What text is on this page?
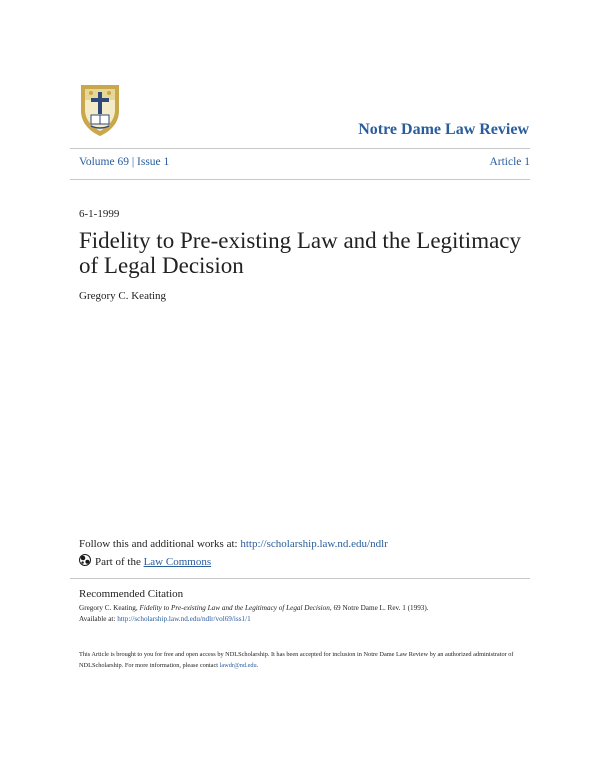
Notre Dame Law Review
Volume 69 | Issue 1	Article 1
6-1-1999
Fidelity to Pre-existing Law and the Legitimacy of Legal Decision
Gregory C. Keating
Follow this and additional works at: http://scholarship.law.nd.edu/ndlr
Part of the Law Commons
Recommended Citation
Gregory C. Keating, Fidelity to Pre-existing Law and the Legitimacy of Legal Decision, 69 Notre Dame L. Rev. 1 (1993).
Available at: http://scholarship.law.nd.edu/ndlr/vol69/iss1/1
This Article is brought to you for free and open access by NDLScholarship. It has been accepted for inclusion in Notre Dame Law Review by an authorized administrator of NDLScholarship. For more information, please contact lawdr@nd.edu.
